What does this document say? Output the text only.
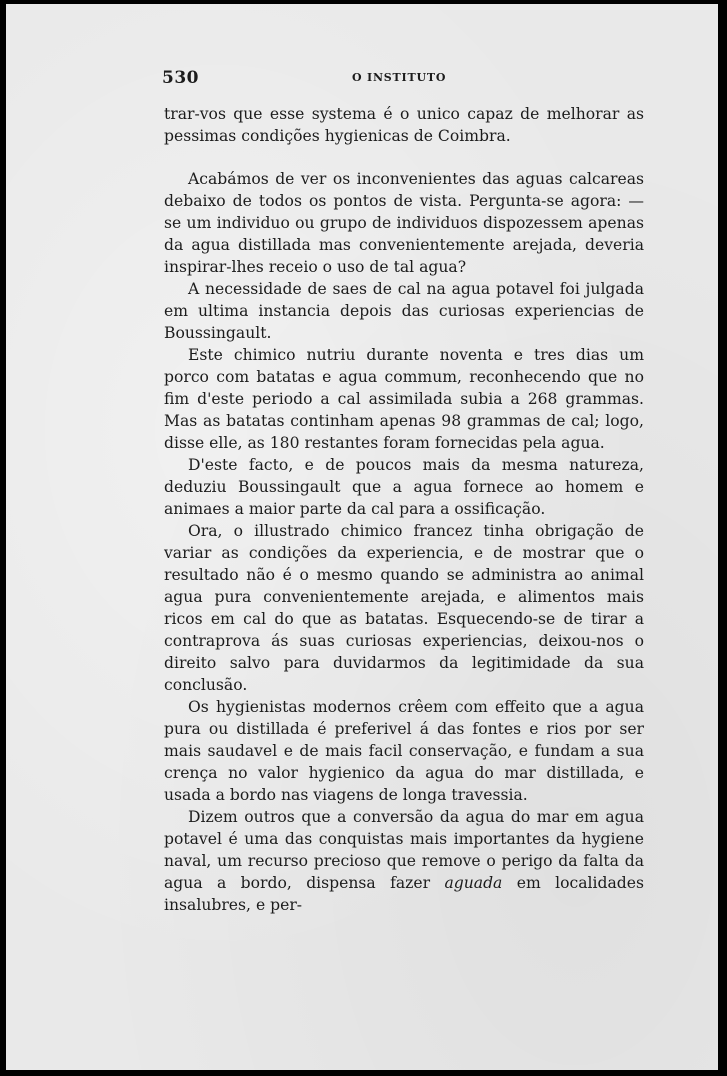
530	O INSTITUTO

trar-vos que esse systema é o unico capaz de melhorar as pessimas condições hygienicas de Coimbra.

Acabámos de ver os inconvenientes das aguas calcareas debaixo de todos os pontos de vista. Pergunta-se agora: — se um individuo ou grupo de individuos dispozessem apenas da agua distillada mas convenientemente arejada, deveria inspirar-lhes receio o uso de tal agua?

A necessidade de saes de cal na agua potavel foi julgada em ultima instancia depois das curiosas experiencias de Boussingault.

Este chimico nutriu durante noventa e tres dias um porco com batatas e agua commum, reconhecendo que no fim d'este periodo a cal assimilada subia a 268 grammas. Mas as batatas continham apenas 98 grammas de cal; logo, disse elle, as 180 restantes foram fornecidas pela agua.

D'este facto, e de poucos mais da mesma natureza, deduziu Boussingault que a agua fornece ao homem e animaes a maior parte da cal para a ossificação.

Ora, o illustrado chimico francez tinha obrigação de variar as condições da experiencia, e de mostrar que o resultado não é o mesmo quando se administra ao animal agua pura convenientemente arejada, e alimentos mais ricos em cal do que as batatas. Esquecendo-se de tirar a contraprova ás suas curiosas experiencias, deixou-nos o direito salvo para duvidarmos da legitimidade da sua conclusão.

Os hygienistas modernos crêem com effeito que a agua pura ou distillada é preferivel á das fontes e rios por ser mais saudavel e de mais facil conservação, e fundam a sua crença no valor hygienico da agua do mar distillada, e usada a bordo nas viagens de longa travessia.

Dizem outros que a conversão da agua do mar em agua potavel é uma das conquistas mais importantes da hygiene naval, um recurso precioso que remove o perigo da falta da agua a bordo, dispensa fazer aguada em localidades insalubres, e per-
